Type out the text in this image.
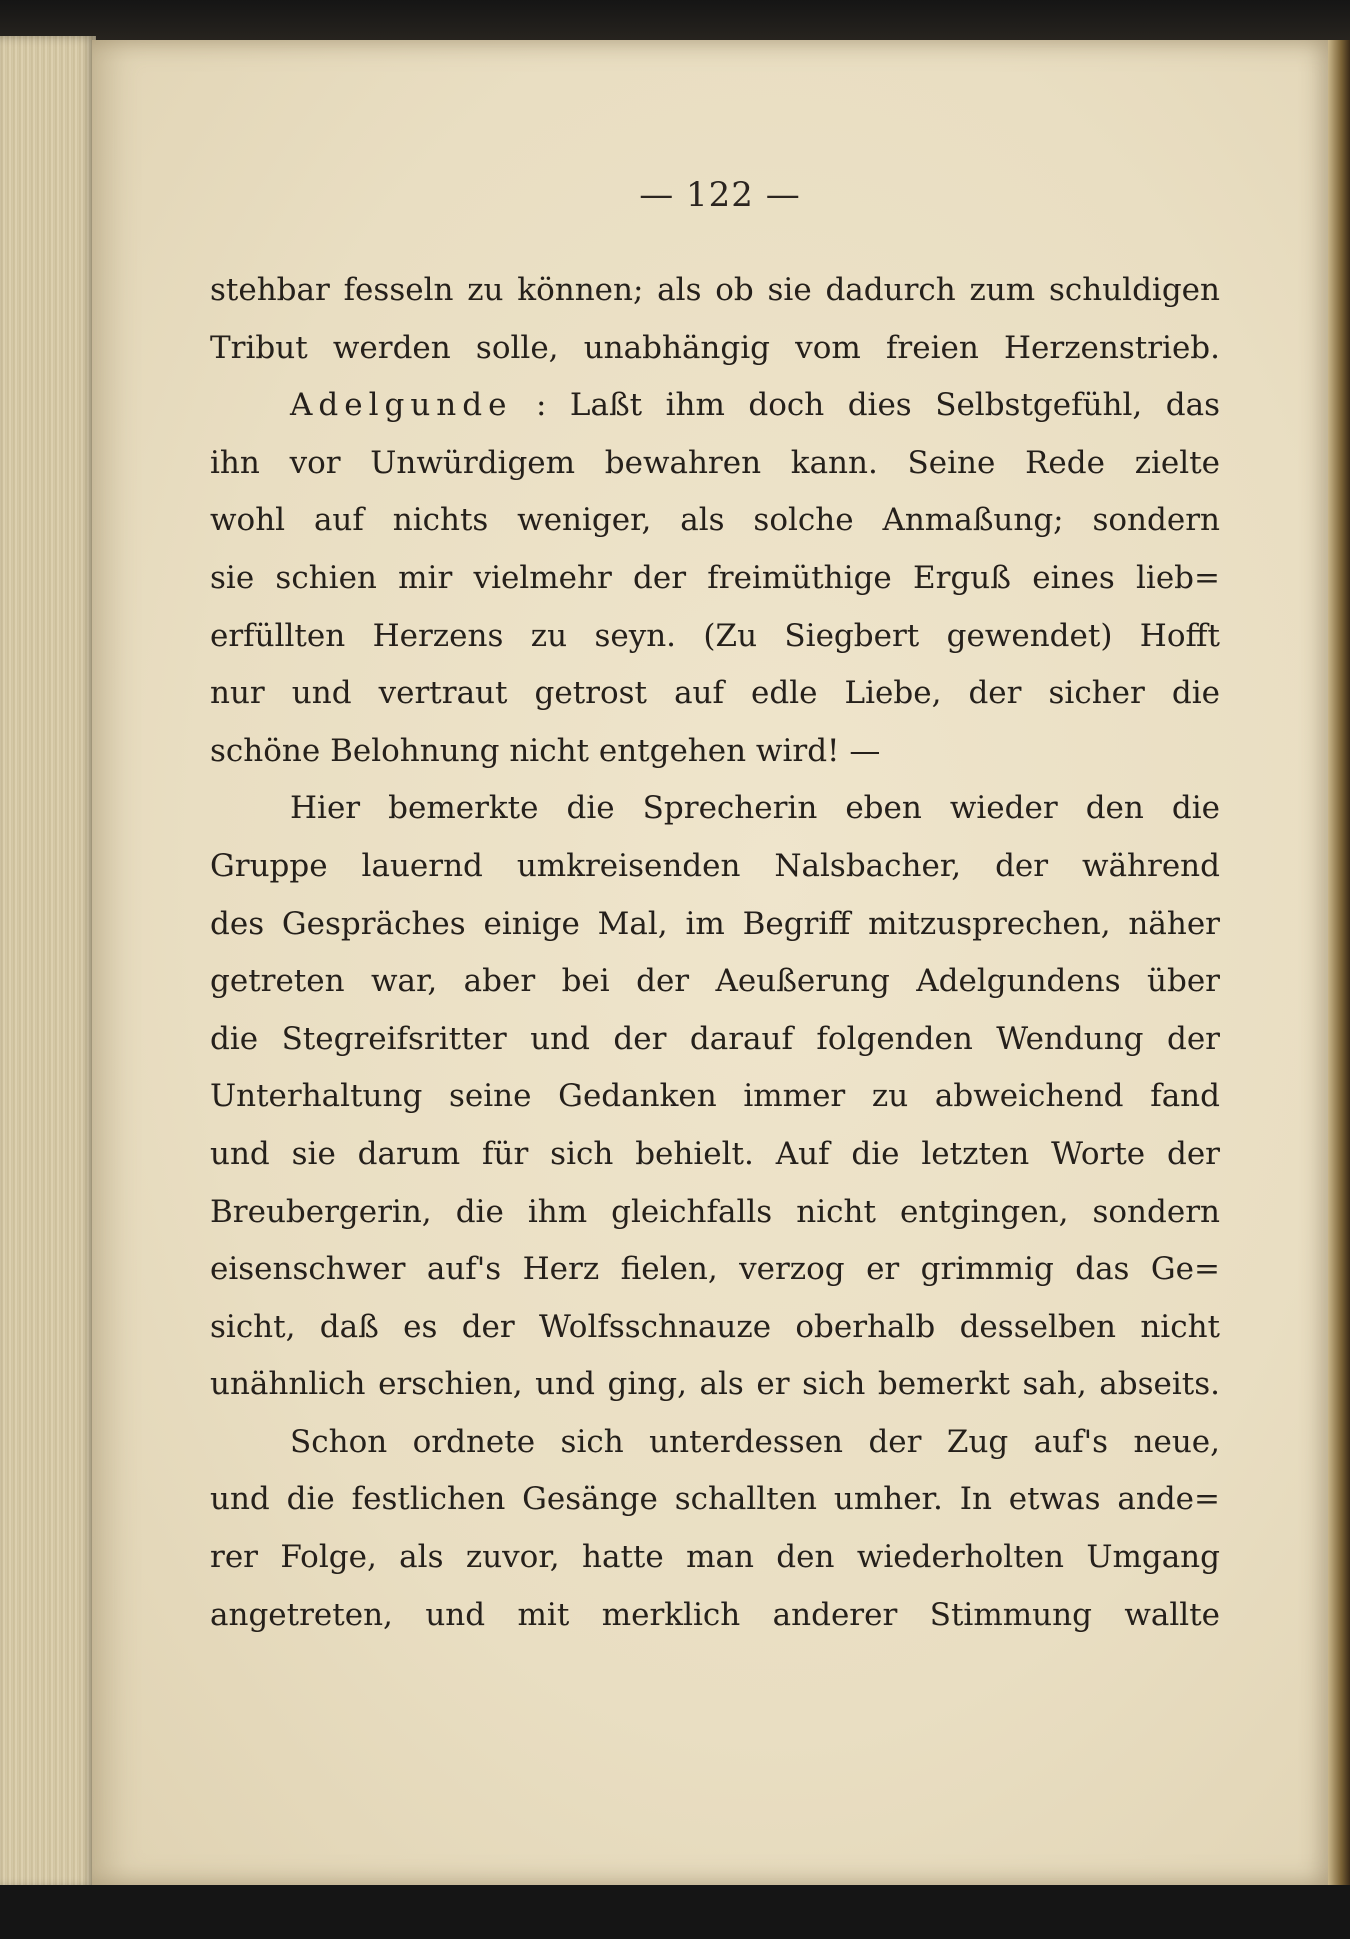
— 122 —
stehbar fesseln zu können; als ob sie dadurch zum schuldigen
Tribut werden solle, unabhängig vom freien Herzenstrieb.
Adelgunde : Laßt ihm doch dies Selbstgefühl, das
ihn vor Unwürdigem bewahren kann. Seine Rede zielte
wohl auf nichts weniger, als solche Anmaßung; sondern
sie schien mir vielmehr der freimüthige Erguß eines lieb=
erfüllten Herzens zu seyn. (Zu Siegbert gewendet) Hofft
nur und vertraut getrost auf edle Liebe, der sicher die
schöne Belohnung nicht entgehen wird! —
Hier bemerkte die Sprecherin eben wieder den die
Gruppe lauernd umkreisenden Nalsbacher, der während
des Gespräches einige Mal, im Begriff mitzusprechen, näher
getreten war, aber bei der Aeußerung Adelgundens über
die Stegreifsritter und der darauf folgenden Wendung der
Unterhaltung seine Gedanken immer zu abweichend fand
und sie darum für sich behielt. Auf die letzten Worte der
Breubergerin, die ihm gleichfalls nicht entgingen, sondern
eisenschwer auf's Herz fielen, verzog er grimmig das Ge=
sicht, daß es der Wolfsschnauze oberhalb desselben nicht
unähnlich erschien, und ging, als er sich bemerkt sah, abseits.
Schon ordnete sich unterdessen der Zug auf's neue,
und die festlichen Gesänge schallten umher. In etwas ande=
rer Folge, als zuvor, hatte man den wiederholten Umgang
angetreten, und mit merklich anderer Stimmung wallte
